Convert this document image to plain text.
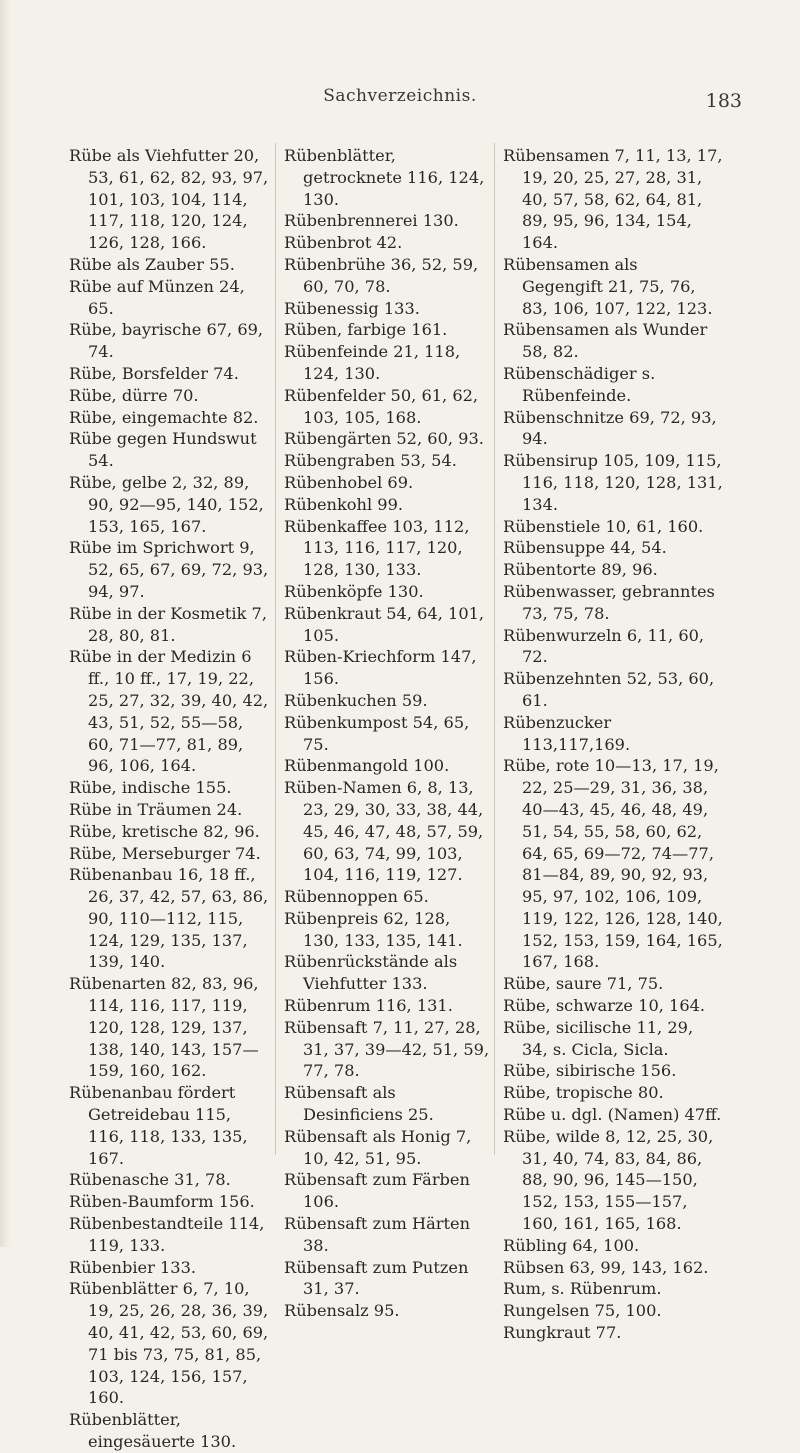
Sachverzeichnis.	183

Rübe als Viehfutter 20, 53, 61, 62, 82, 93, 97, 101, 103, 104, 114, 117, 118, 120, 124, 126, 128, 166.

Rübe als Zauber 55.

Rübe auf Münzen 24, 65.

Rübe, bayrische 67, 69, 74.

Rübe, Borsfelder 74.

Rübe, dürre 70.

Rübe, eingemachte 82.

Rübe gegen Hundswut 54.

Rübe, gelbe 2, 32, 89, 90, 92—95, 140, 152, 153, 165, 167.

Rübe im Sprichwort 9, 52, 65, 67, 69, 72, 93, 94, 97.

Rübe in der Kosmetik 7, 28, 80, 81.

Rübe in der Medizin 6 ff., 10 ff., 17, 19, 22, 25, 27, 32, 39, 40, 42, 43, 51, 52, 55—58, 60, 71—77, 81, 89, 96, 106, 164.

Rübe, indische 155.

Rübe in Träumen 24.

Rübe, kretische 82, 96.

Rübe, Merseburger 74.

Rübenanbau 16, 18 ff., 26, 37, 42, 57, 63, 86, 90, 110—112, 115, 124, 129, 135, 137, 139, 140.

Rübenarten 82, 83, 96, 114, 116, 117, 119, 120, 128, 129, 137, 138, 140, 143, 157—159, 160, 162.

Rübenanbau fördert Getreidebau 115, 116, 118, 133, 135, 167.

Rübenasche 31, 78.

Rüben-Baumform 156.

Rübenbestandteile 114, 119, 133.

Rübenbier 133.

Rübenblätter 6, 7, 10, 19, 25, 26, 28, 36, 39, 40, 41, 42, 53, 60, 69, 71 bis 73, 75, 81, 85, 103, 124, 156, 157, 160.

Rübenblätter, eingesäuerte 130.

Rübenblätter, getrocknete 116, 124, 130.

Rübenbrennerei 130.

Rübenbrot 42.

Rübenbrühe 36, 52, 59, 60, 70, 78.

Rübenessig 133.

Rüben, farbige 161.

Rübenfeinde 21, 118, 124, 130.

Rübenfelder 50, 61, 62, 103, 105, 168.

Rübengärten 52, 60, 93.

Rübengraben 53, 54.

Rübenhobel 69.

Rübenkohl 99.

Rübenkaffee 103, 112, 113, 116, 117, 120, 128, 130, 133.

Rübenköpfe 130.

Rübenkraut 54, 64, 101, 105.

Rüben-Kriechform 147, 156.

Rübenkuchen 59.

Rübenkumpost 54, 65, 75.

Rübenmangold 100.

Rüben-Namen 6, 8, 13, 23, 29, 30, 33, 38, 44, 45, 46, 47, 48, 57, 59, 60, 63, 74, 99, 103, 104, 116, 119, 127.

Rübennoppen 65.

Rübenpreis 62, 128, 130, 133, 135, 141.

Rübenrückstände als Viehfutter 133.

Rübenrum 116, 131.

Rübensaft 7, 11, 27, 28, 31, 37, 39—42, 51, 59, 77, 78.

Rübensaft als Desinficiens 25.

Rübensaft als Honig 7, 10, 42, 51, 95.

Rübensaft zum Färben 106.

Rübensaft zum Härten 38.

Rübensaft zum Putzen 31, 37.

Rübensalz 95.

Rübensamen 7, 11, 13, 17, 19, 20, 25, 27, 28, 31, 40, 57, 58, 62, 64, 81, 89, 95, 96, 134, 154, 164.

Rübensamen als Gegengift 21, 75, 76, 83, 106, 107, 122, 123.

Rübensamen als Wunder 58, 82.

Rübenschädiger s. Rübenfeinde.

Rübenschnitze 69, 72, 93, 94.

Rübensirup 105, 109, 115, 116, 118, 120, 128, 131, 134.

Rübenstiele 10, 61, 160.

Rübensuppe 44, 54.

Rübentorte 89, 96.

Rübenwasser, gebranntes 73, 75, 78.

Rübenwurzeln 6, 11, 60, 72.

Rübenzehnten 52, 53, 60, 61.

Rübenzucker 113,117,169.

Rübe, rote 10—13, 17, 19, 22, 25—29, 31, 36, 38, 40—43, 45, 46, 48, 49, 51, 54, 55, 58, 60, 62, 64, 65, 69—72, 74—77, 81—84, 89, 90, 92, 93, 95, 97, 102, 106, 109, 119, 122, 126, 128, 140, 152, 153, 159, 164, 165, 167, 168.

Rübe, saure 71, 75.

Rübe, schwarze 10, 164.

Rübe, sicilische 11, 29, 34, s. Cicla, Sicla.

Rübe, sibirische 156.

Rübe, tropische 80.

Rübe u. dgl. (Namen) 47ff.

Rübe, wilde 8, 12, 25, 30, 31, 40, 74, 83, 84, 86, 88, 90, 96, 145—150, 152, 153, 155—157, 160, 161, 165, 168.

Rübling 64, 100.

Rübsen 63, 99, 143, 162.

Rum, s. Rübenrum.

Rungelsen 75, 100.

Rungkraut 77.
